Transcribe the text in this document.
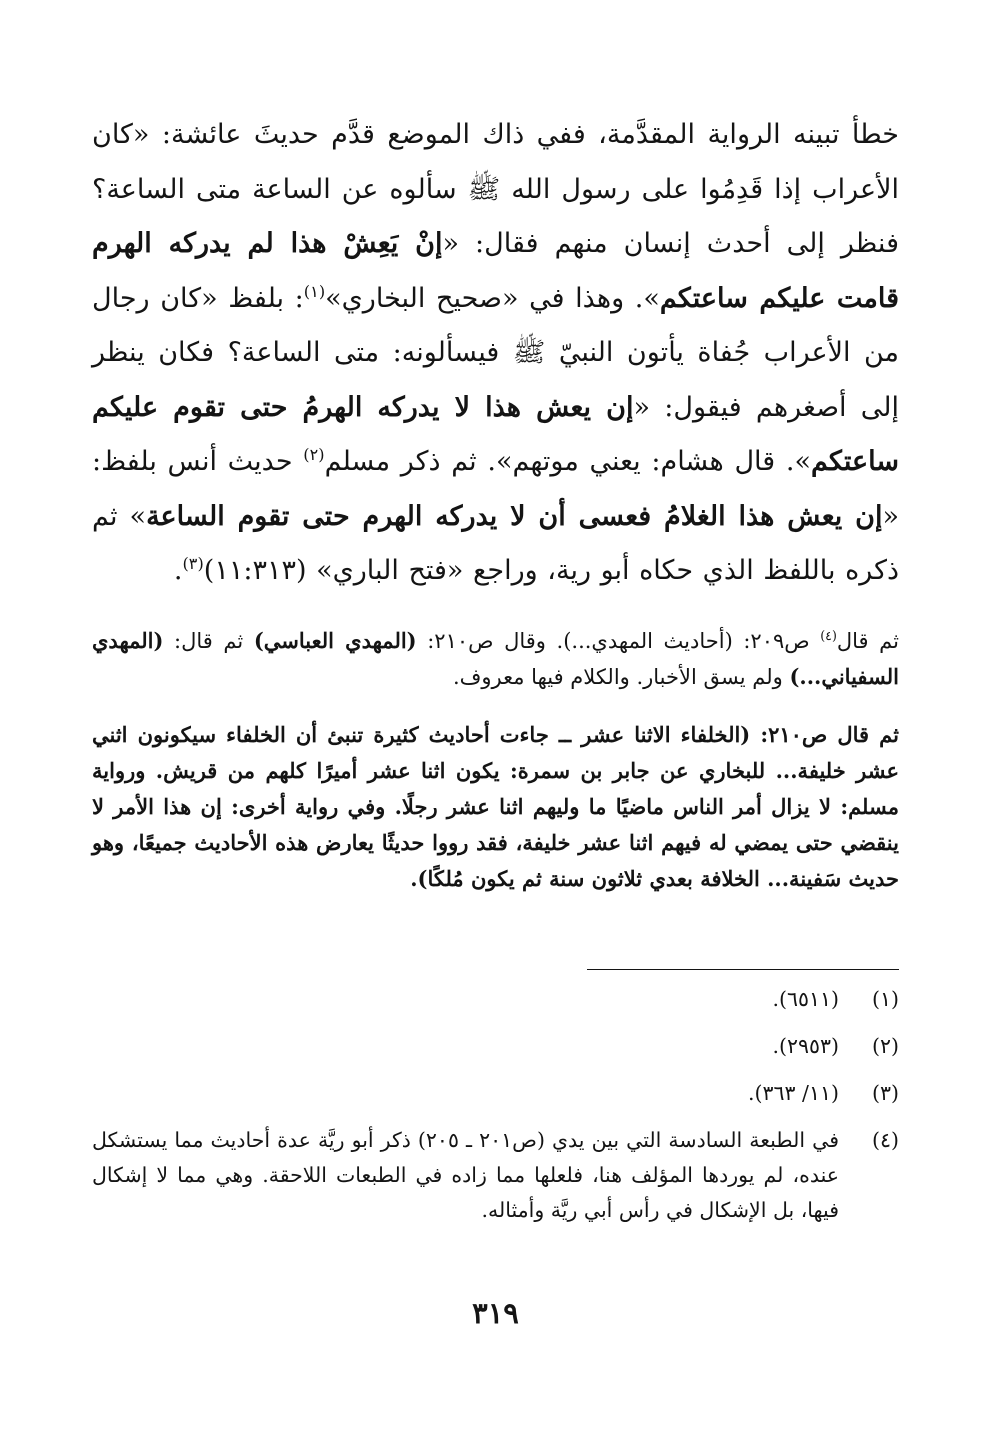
خطأ تبينه الرواية المقدَّمة، ففي ذاك الموضع قدَّم حديثَ عائشة: «كان الأعراب إذا قَدِمُوا على رسول الله ﷺ سألوه عن الساعة متى الساعة؟ فنظر إلى أحدث إنسان منهم فقال: «إنْ يَعِشْ هذا لم يدركه الهرم قامت عليكم ساعتكم». وهذا في «صحيح البخاري»$^{(١)}$: بلفظ «كان رجال من الأعراب جُفاة يأتون النبيّ ﷺ فيسألونه: متى الساعة؟ فكان ينظر إلى أصغرهم فيقول: «إن يعش هذا لا يدركه الهرمُ حتى تقوم عليكم ساعتكم». قال هشام: يعني موتهم». ثم ذكر مسلم$^{(٢)}$ حديث أنس بلفظ: «إن يعش هذا الغلامُ فعسى أن لا يدركه الهرم حتى تقوم الساعة» ثم ذكره باللفظ الذي حكاه أبو رية، وراجع «فتح الباري» (١١:٣١٣)$^{(٣)}$.

ثم قال$^{(٤)}$ ص٢٠٩: (أحاديث المهدي...). وقال ص٢١٠: (المهدي العباسي) ثم قال: (المهدي السفياني...) ولم يسق الأخبار. والكلام فيها معروف.

ثم قال ص٢١٠: (الخلفاء الاثنا عشر ــ جاءت أحاديث كثيرة تنبئ أن الخلفاء سيكونون اثني عشر خليفة... للبخاري عن جابر بن سمرة: يكون اثنا عشر أميرًا كلهم من قريش. ورواية مسلم: لا يزال أمر الناس ماضيًا ما وليهم اثنا عشر رجلًا. وفي رواية أخرى: إن هذا الأمر لا ينقضي حتى يمضي له فيهم اثنا عشر خليفة، فقد رووا حديثًا يعارض هذه الأحاديث جميعًا، وهو حديث سَفينة... الخلافة بعدي ثلاثون سنة ثم يكون مُلكًا).

(١)
(٦٥١١).
(٢)
(٢٩٥٣).
(٣)
(١١/ ٣٦٣).
(٤)
في الطبعة السادسة التي بين يدي (ص٢٠١ ـ ٢٠٥) ذكر أبو ريَّة عدة أحاديث مما يستشكل عنده، لم يوردها المؤلف هنا، فلعلها مما زاده في الطبعات اللاحقة. وهي مما لا إشكال فيها، بل الإشكال في رأس أبي ريَّة وأمثاله.
٣١٩
